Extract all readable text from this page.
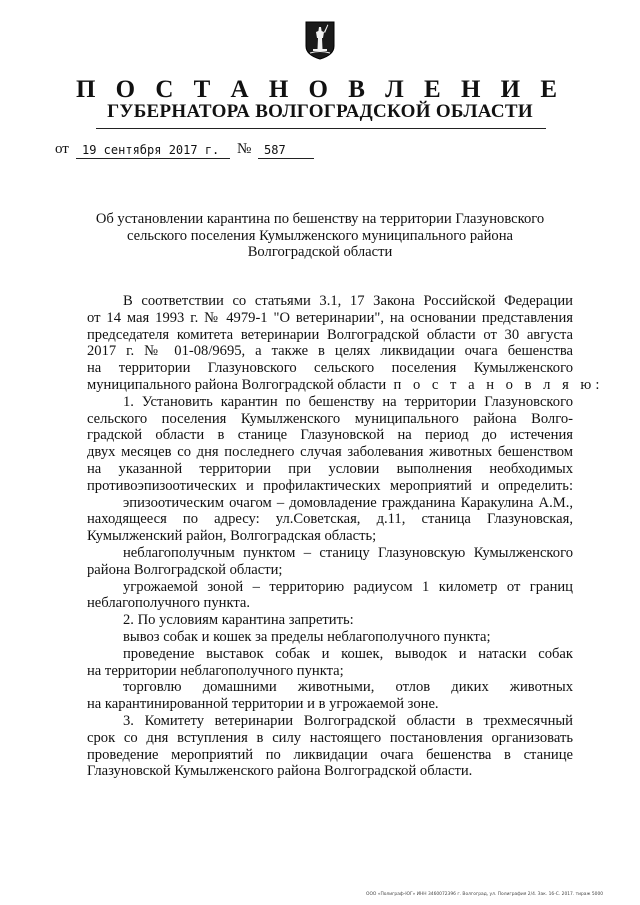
П О С Т А Н О В Л Е Н И Е
ГУБЕРНАТОРА ВОЛГОГРАДСКОЙ ОБЛАСТИ
от 19 сентября 2017 г. № 587
Об установлении карантина по бешенству на территории Глазуновского
сельского поселения Кумылженского муниципального района
Волгоградской области
В соответствии со статьями 3.1, 17 Закона Российской Федерации
от 14 мая 1993 г. № 4979-1 "О ветеринарии", на основании представления
председателя комитета ветеринарии Волгоградской области от 30 августа
2017 г. № 01-08/9695, а также в целях ликвидации очага бешенства
на территории Глазуновского сельского поселения Кумылженского
муниципального района Волгоградской области п о с т а н о в л я ю:
1. Установить карантин по бешенству на территории Глазуновского
сельского поселения Кумылженского муниципального района Волго-
градской области в станице Глазуновской на период до истечения
двух месяцев со дня последнего случая заболевания животных бешенством
на указанной территории при условии выполнения необходимых
противоэпизоотических и профилактических мероприятий и определить:
эпизоотическим очагом – домовладение гражданина Каракулина А.М.,
находящееся по адресу: ул.Советская, д.11, станица Глазуновская,
Кумылженский район, Волгоградская область;
неблагополучным пунктом – станицу Глазуновскую Кумылженского
района Волгоградской области;
угрожаемой зоной – территорию радиусом 1 километр от границ
неблагополучного пункта.
2. По условиям карантина запретить:
вывоз собак и кошек за пределы неблагополучного пункта;
проведение выставок собак и кошек, выводок и натаски собак
на территории неблагополучного пункта;
торговлю домашними животными, отлов диких животных
на карантинированной территории и в угрожаемой зоне.
3. Комитету ветеринарии Волгоградской области в трехмесячный
срок со дня вступления в силу настоящего постановления организовать
проведение мероприятий по ликвидации очага бешенства в станице
Глазуновской Кумылженского района Волгоградской области.
ООО «Полиграф-ЮГ» ИНН 3460072396 г. Волгоград, ул. Полиграфия 2/4. Зак. 16-С. 2017. тираж 5000
